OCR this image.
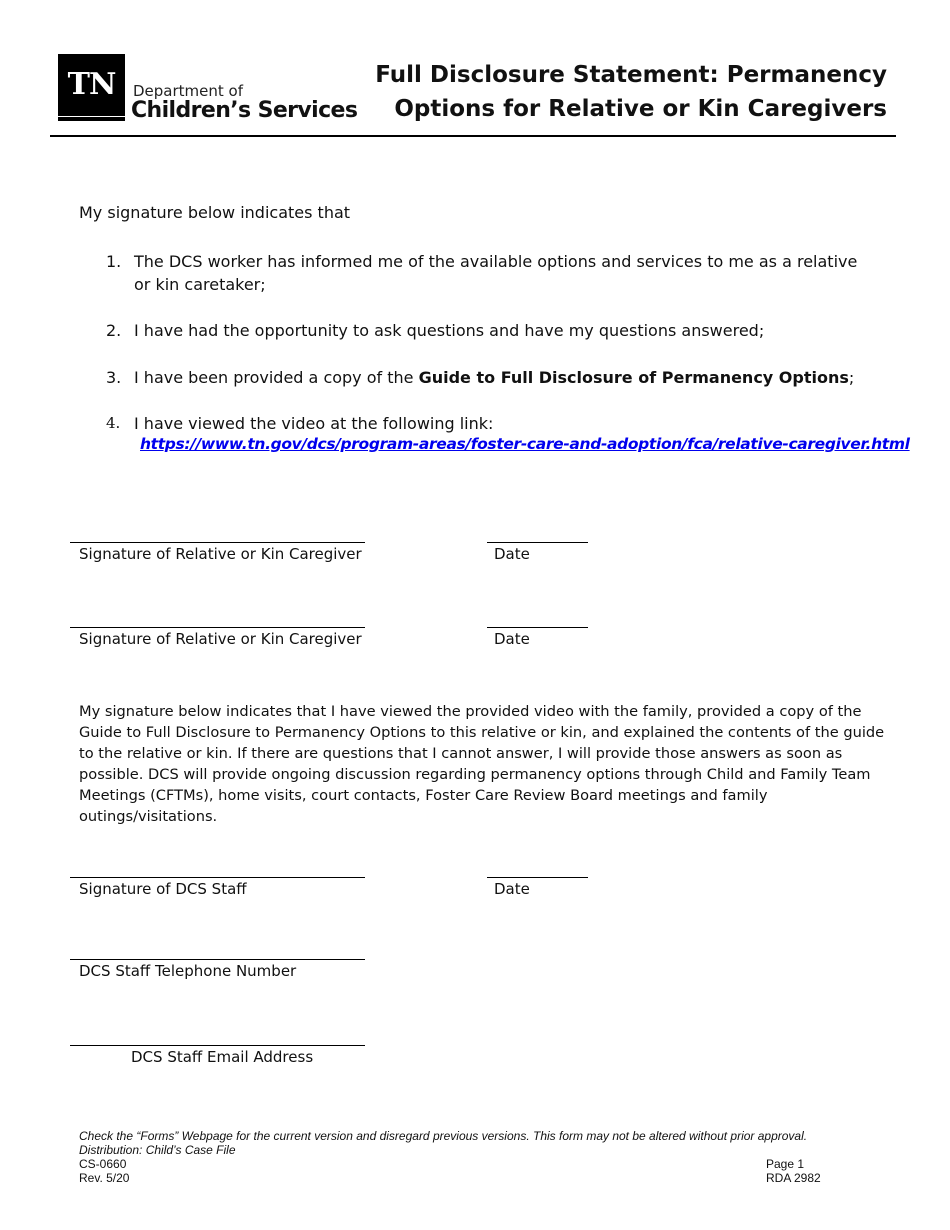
TN	Department of
Children’s Services
Full Disclosure Statement: Permanency
Options for Relative or Kin Caregivers
My signature below indicates that
1. The DCS worker has informed me of the available options and services to me as a relative or kin caretaker;
2. I have had the opportunity to ask questions and have my questions answered;
3. I have been provided a copy of the Guide to Full Disclosure of Permanency Options;
4. I have viewed the video at the following link:
https://www.tn.gov/dcs/program-areas/foster-care-and-adoption/fca/relative-caregiver.html
Signature of Relative or Kin Caregiver	Date
Signature of Relative or Kin Caregiver	Date
My signature below indicates that I have viewed the provided video with the family, provided a copy of the Guide to Full Disclosure to Permanency Options to this relative or kin, and explained the contents of the guide to the relative or kin. If there are questions that I cannot answer, I will provide those answers as soon as possible. DCS will provide ongoing discussion regarding permanency options through Child and Family Team Meetings (CFTMs), home visits, court contacts, Foster Care Review Board meetings and family outings/visitations.
Signature of DCS Staff	Date
DCS Staff Telephone Number
DCS Staff Email Address
Check the “Forms” Webpage for the current version and disregard previous versions. This form may not be altered without prior approval.
Distribution: Child’s Case File
CS-0660
Rev. 5/20
Page 1
RDA 2982
